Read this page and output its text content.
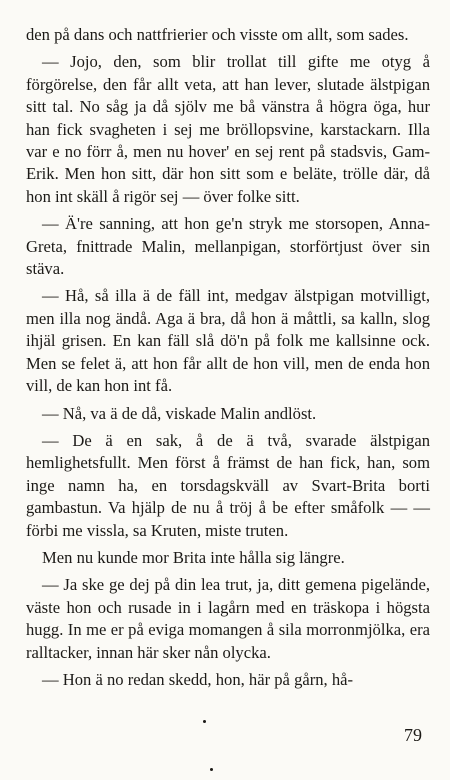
den på dans och nattfrierier och visste om allt, som sades.

— Jojo, den, som blir trollat till gifte me otyg å förgörelse, den får allt veta, att han lever, slutade älstpigan sitt tal. No såg ja då sjölv me bå vänstra å högra öga, hur han fick svagheten i sej me bröllopsvine, karstackarn. Illa var e no förr å, men nu hover' en sej rent på stadsvis, Gam-Erik. Men hon sitt, där hon sitt som e beläte, trölle där, då hon int skäll å rigör sej — över folke sitt.

— Ä're sanning, att hon ge'n stryk me storsopen, Anna-Greta, fnittrade Malin, mellanpigan, storförtjust över sin stäva.

— Hå, så illa ä de fäll int, medgav älstpigan motvilligt, men illa nog ändå. Aga ä bra, då hon ä måttli, sa kalln, slog ihjäl grisen. En kan fäll slå dö'n på folk me kallsinne ock. Men se felet ä, att hon får allt de hon vill, men de enda hon vill, de kan hon int få.

— Nå, va ä de då, viskade Malin andlöst.

— De ä en sak, å de ä två, svarade älstpigan hemlighetsfullt. Men först å främst de han fick, han, som inge namn ha, en torsdagskväll av Svart-Brita borti gambastun. Va hjälp de nu å tröj å be efter småfolk — — förbi me vissla, sa Kruten, miste truten.

Men nu kunde mor Brita inte hålla sig längre.

— Ja ske ge dej på din lea trut, ja, ditt gemena pigelände, väste hon och rusade in i lagårn med en träskopa i högsta hugg. In me er på eviga momangen å sila morronmjölka, era ralltacker, innan här sker nån olycka.

— Hon ä no redan skedd, hon, här på gårn, hå-

79
